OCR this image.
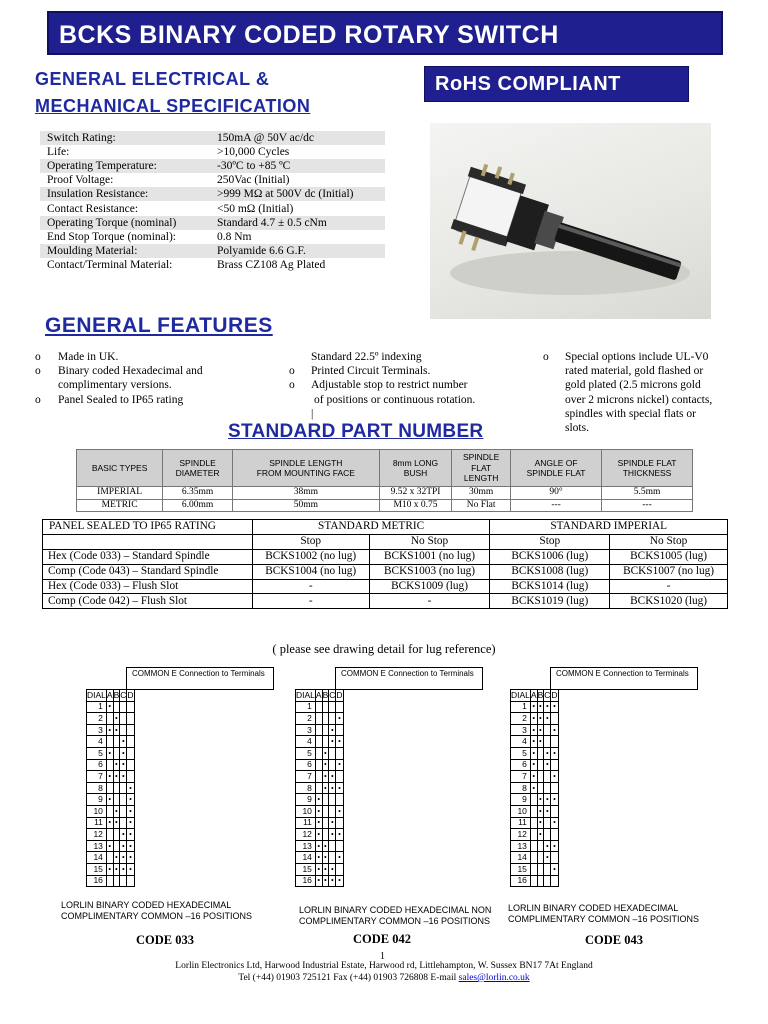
BCKS BINARY CODED ROTARY SWITCH
GENERAL ELECTRICAL &
MECHANICAL SPECIFICATION
RoHS COMPLIANT
Switch Rating:	150mA @ 50V ac/dc
Life:	>10,000 Cycles
Operating Temperature:	-30ºC to +85 ºC
Proof Voltage:	250Vac (Initial)
Insulation Resistance:	>999 MΩ at 500V dc (Initial)
Contact Resistance:	<50 mΩ (Initial)
Operating Torque (nominal)	Standard 4.7 ± 0.5 cNm
End Stop Torque (nominal):	0.8 Nm
Moulding Material:	Polyamide 6.6 G.F.
Contact/Terminal Material:	Brass CZ108 Ag Plated
GENERAL FEATURES
o Made in UK.
o Binary coded Hexadecimal and
complimentary versions.
o Panel Sealed to IP65 rating
Standard 22.5º indexing
o Printed Circuit Terminals.
o Adjustable stop to restrict number
of positions or continuous rotation.
|
o Special options include UL-V0
rated material, gold flashed or
gold plated (2.5 microns gold
over 2 microns nickel) contacts,
spindles with special flats or
slots.
STANDARD PART NUMBER
BASIC TYPES	SPINDLE
DIAMETER	SPINDLE LENGTH
FROM MOUNTING FACE	8mm LONG
BUSH	SPINDLE
FLAT
LENGTH	ANGLE OF
SPINDLE FLAT	SPINDLE FLAT
THICKNESS
IMPERIAL	6.35mm	38mm	9.52 x 32TPI	30mm	90°	5.5mm
METRIC	6.00mm	50mm	M10 x 0.75	No Flat	---	---
PANEL SEALED TO IP65 RATING	STANDARD METRIC		STANDARD IMPERIAL	
	Stop	No Stop	Stop	No Stop
Hex (Code 033) – Standard Spindle	BCKS1002 (no lug)	BCKS1001 (no lug)	BCKS1006 (lug)	BCKS1005 (lug)
Comp (Code 043) – Standard Spindle	BCKS1004 (no lug)	BCKS1003 (no lug)	BCKS1008 (lug)	BCKS1007 (no lug)
Hex (Code 033) – Flush Slot	-	BCKS1009 (lug)	BCKS1014 (lug)	-
Comp (Code 042) – Flush Slot	-	-	BCKS1019 (lug)	BCKS1020 (lug)
( please see drawing detail for lug reference)
COMMON E Connection to Terminals
DIAL	A	B	C	D
1	•			
2		•		
3	•	•		
4			•	
5	•		•	
6		•	•	
7	•	•	•	
8				•
9	•			•
10		•		•
11	•	•		•
12			•	•
13	•		•	•
14		•	•	•
15	•	•	•	•
16				
LORLIN BINARY CODED HEXADECIMAL
COMPLIMENTARY COMMON –16 POSITIONS
CODE 033
COMMON E Connection to Terminals
DIAL	A	B	C	D
1				
2				•
3			•	
4			•	•
5		•		
6		•		•
7		•	•	
8		•	•	•
9	•			
10	•			•
11	•		•	
12	•		•	•
13	•	•		
14	•	•		•
15	•	•	•	
16	•	•	•	•
LORLIN BINARY CODED HEXADECIMAL NON
COMPLIMENTARY COMMON –16 POSITIONS
CODE 042
COMMON E Connection to Terminals
DIAL	A	B	C	D
1	•	•	•	•
2	•	•	•	
3	•	•		•
4	•	•		
5	•		•	•
6	•		•	
7	•			•
8	•			
9		•	•	•
10		•	•	
11		•		•
12		•		
13			•	•
14			•	
15				•
16				
LORLIN BINARY CODED HEXADECIMAL
COMPLIMENTARY COMMON –16 POSITIONS
CODE 043
1
Lorlin Electronics Ltd, Harwood Industrial Estate, Harwood rd, Littlehampton, W. Sussex BN17 7At England
Tel (+44) 01903 725121 Fax (+44) 01903 726808 E-mail sales@lorlin.co.uk
